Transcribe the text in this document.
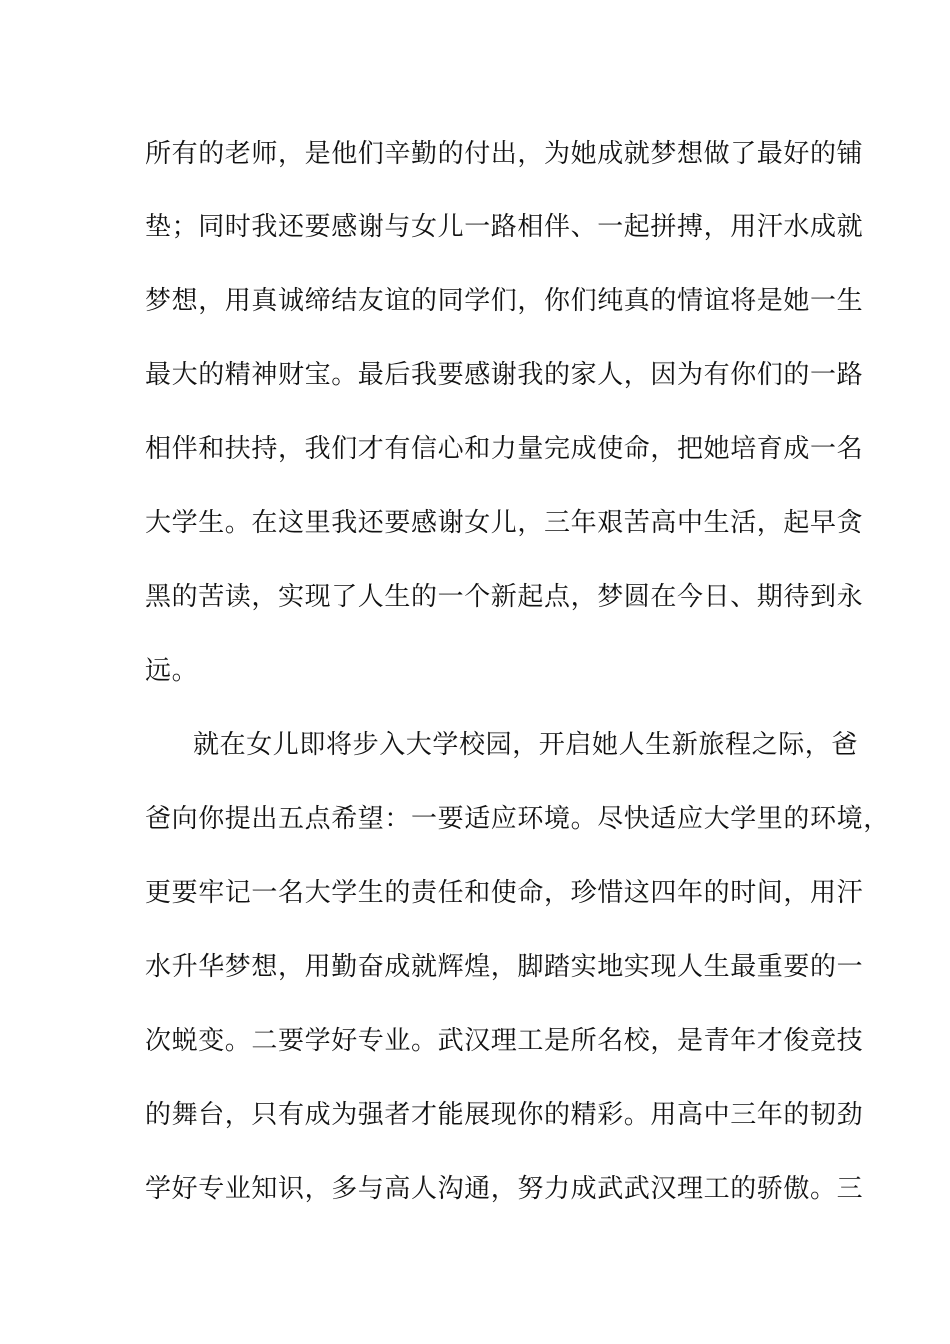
所有的老师，是他们辛勤的付出，为她成就梦想做了最好的铺
垫；同时我还要感谢与女儿一路相伴、一起拼搏，用汗水成就
梦想，用真诚缔结友谊的同学们，你们纯真的情谊将是她一生
最大的精神财宝。最后我要感谢我的家人，因为有你们的一路
相伴和扶持，我们才有信心和力量完成使命，把她培育成一名
大学生。在这里我还要感谢女儿，三年艰苦高中生活，起早贪
黑的苦读，实现了人生的一个新起点，梦圆在今日、期待到永
远。
就在女儿即将步入大学校园，开启她人生新旅程之际，爸
爸向你提出五点希望：一要适应环境。尽快适应大学里的环境，
更要牢记一名大学生的责任和使命，珍惜这四年的时间，用汗
水升华梦想，用勤奋成就辉煌，脚踏实地实现人生最重要的一
次蜕变。二要学好专业。武汉理工是所名校，是青年才俊竞技
的舞台，只有成为强者才能展现你的精彩。用高中三年的韧劲
学好专业知识，多与高人沟通，努力成武武汉理工的骄傲。三
